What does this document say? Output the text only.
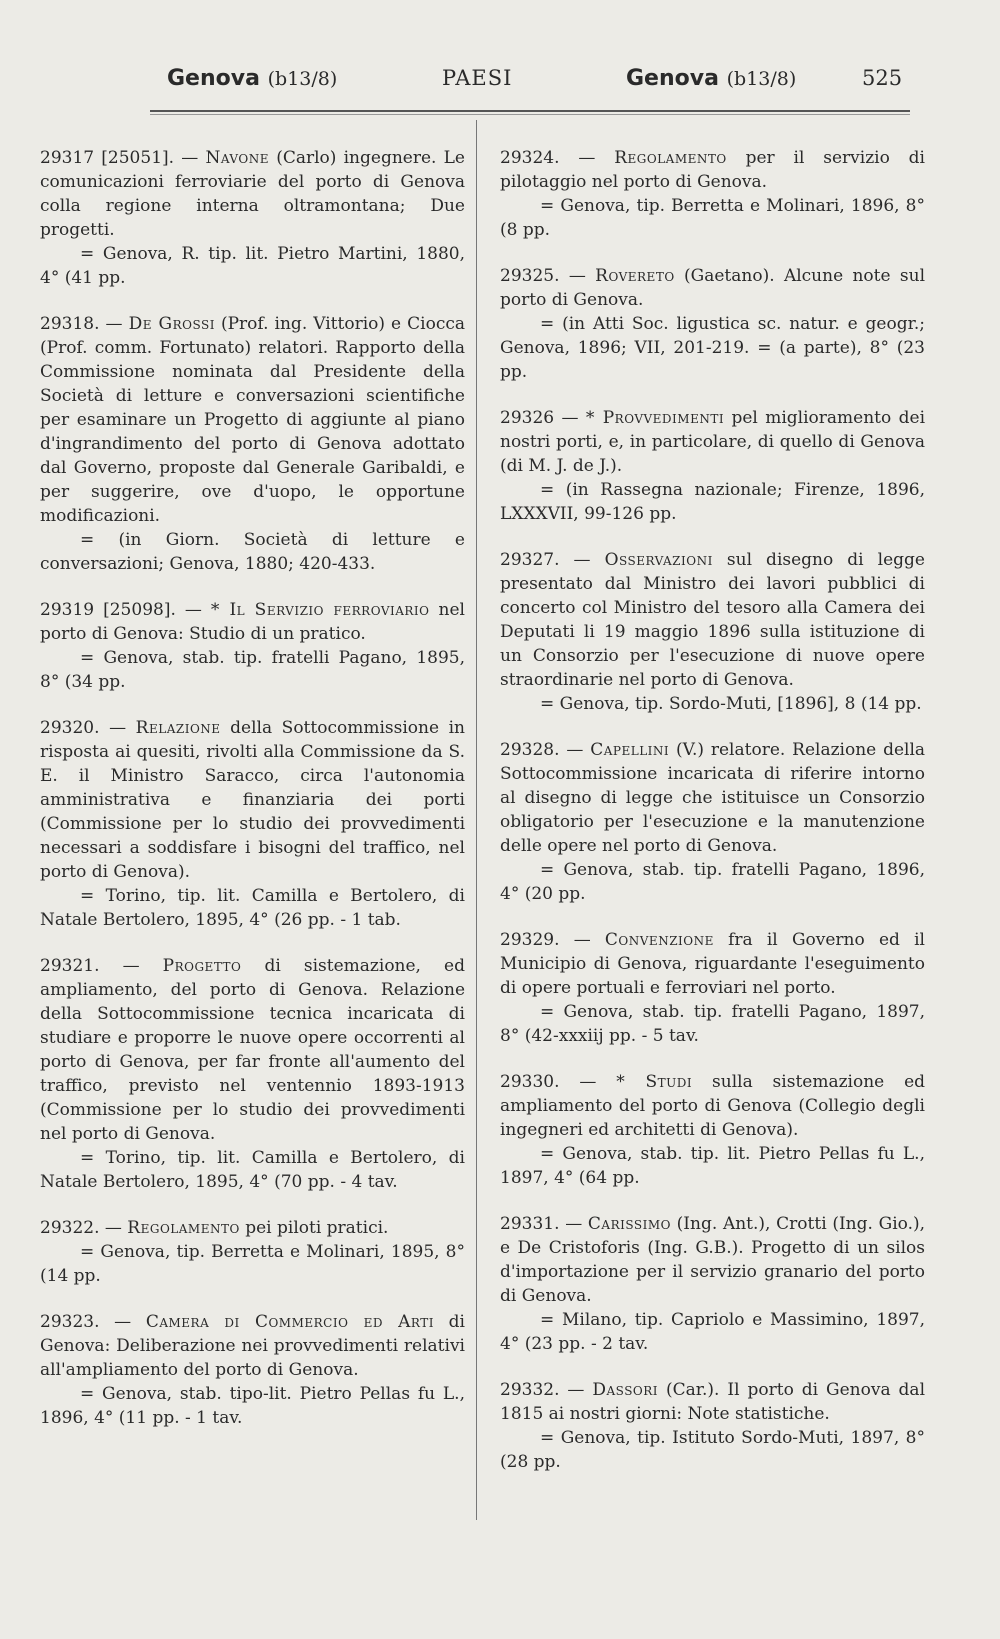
Genova (b13/8)	PAESI	Genova (b13/8)	525

29317 [25051]. — Navone (Carlo) ingegnere. Le comunicazioni ferroviarie del porto di Genova colla regione interna oltramontana; Due progetti.

= Genova, R. tip. lit. Pietro Martini, 1880, 4° (41 pp.

29318. — De Grossi (Prof. ing. Vittorio) e Ciocca (Prof. comm. Fortunato) relatori. Rapporto della Commissione nominata dal Presidente della Società di letture e conversazioni scientifiche per esaminare un Progetto di aggiunte al piano d'ingrandimento del porto di Genova adottato dal Governo, proposte dal Generale Garibaldi, e per suggerire, ove d'uopo, le opportune modificazioni.

= (in Giorn. Società di letture e conversazioni; Genova, 1880; 420-433.

29319 [25098]. — * Il Servizio ferroviario nel porto di Genova: Studio di un pratico.

= Genova, stab. tip. fratelli Pagano, 1895, 8° (34 pp.

29320. — Relazione della Sottocommissione in risposta ai quesiti, rivolti alla Commissione da S. E. il Ministro Saracco, circa l'autonomia amministrativa e finanziaria dei porti (Commissione per lo studio dei provvedimenti necessari a soddisfare i bisogni del traffico, nel porto di Genova).

= Torino, tip. lit. Camilla e Bertolero, di Natale Bertolero, 1895, 4° (26 pp. - 1 tab.

29321. — Progetto di sistemazione, ed ampliamento, del porto di Genova. Relazione della Sottocommissione tecnica incaricata di studiare e proporre le nuove opere occorrenti al porto di Genova, per far fronte all'aumento del traffico, previsto nel ventennio 1893-1913 (Commissione per lo studio dei provvedimenti nel porto di Genova.

= Torino, tip. lit. Camilla e Bertolero, di Natale Bertolero, 1895, 4° (70 pp. - 4 tav.

29322. — Regolamento pei piloti pratici.

= Genova, tip. Berretta e Molinari, 1895, 8° (14 pp.

29323. — Camera di Commercio ed Arti di Genova: Deliberazione nei provvedimenti relativi all'ampliamento del porto di Genova.

= Genova, stab. tipo-lit. Pietro Pellas fu L., 1896, 4° (11 pp. - 1 tav.

29324. — Regolamento per il servizio di pilotaggio nel porto di Genova.

= Genova, tip. Berretta e Molinari, 1896, 8° (8 pp.

29325. — Rovereto (Gaetano). Alcune note sul porto di Genova.

= (in Atti Soc. ligustica sc. natur. e geogr.; Genova, 1896; VII, 201-219. = (a parte), 8° (23 pp.

29326 — * Provvedimenti pel miglioramento dei nostri porti, e, in particolare, di quello di Genova (di M. J. de J.).

= (in Rassegna nazionale; Firenze, 1896, LXXXVII, 99-126 pp.

29327. — Osservazioni sul disegno di legge presentato dal Ministro dei lavori pubblici di concerto col Ministro del tesoro alla Camera dei Deputati li 19 maggio 1896 sulla istituzione di un Consorzio per l'esecuzione di nuove opere straordinarie nel porto di Genova.

= Genova, tip. Sordo-Muti, [1896], 8 (14 pp.

29328. — Capellini (V.) relatore. Relazione della Sottocommissione incaricata di riferire intorno al disegno di legge che istituisce un Consorzio obligatorio per l'esecuzione e la manutenzione delle opere nel porto di Genova.

= Genova, stab. tip. fratelli Pagano, 1896, 4° (20 pp.

29329. — Convenzione fra il Governo ed il Municipio di Genova, riguardante l'eseguimento di opere portuali e ferroviari nel porto.

= Genova, stab. tip. fratelli Pagano, 1897, 8° (42-xxxiij pp. - 5 tav.

29330. — * Studi sulla sistemazione ed ampliamento del porto di Genova (Collegio degli ingegneri ed architetti di Genova).

= Genova, stab. tip. lit. Pietro Pellas fu L., 1897, 4° (64 pp.

29331. — Carissimo (Ing. Ant.), Crotti (Ing. Gio.), e De Cristoforis (Ing. G.B.). Progetto di un silos d'importazione per il servizio granario del porto di Genova.

= Milano, tip. Capriolo e Massimino, 1897, 4° (23 pp. - 2 tav.

29332. — Dassori (Car.). Il porto di Genova dal 1815 ai nostri giorni: Note statistiche.

= Genova, tip. Istituto Sordo-Muti, 1897, 8° (28 pp.
